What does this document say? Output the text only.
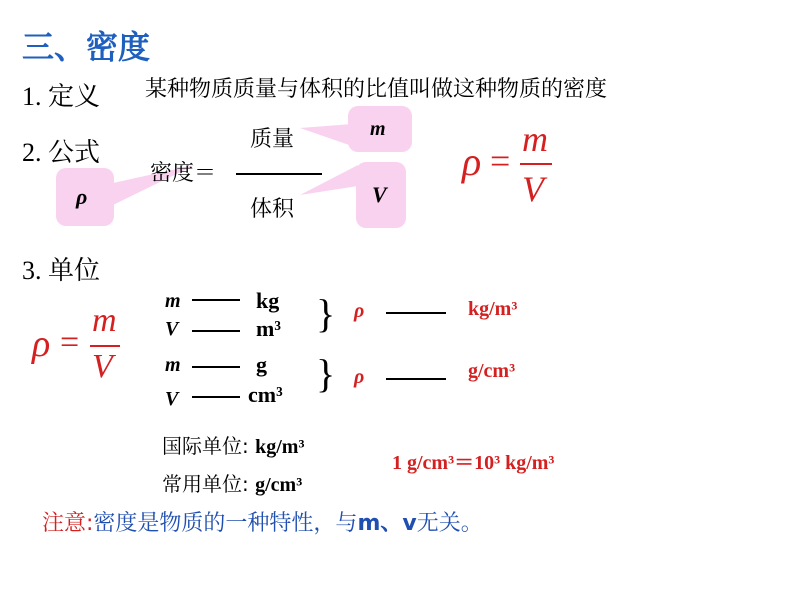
三、密度
1. 定义 某种物质质量与体积的比值叫做这种物质的密度
2. 公式
m
V
ρ
质量
密度＝
体积
ρ =
m
V
3. 单位
ρ =
m
V
m	kg
V	m³ } ρ	kg/m³
m	g
V	cm³ } ρ	g/cm³
国际单位: kg/m³
常用单位: g/cm³
1 g/cm³＝10³ kg/m³
注意:密度是物质的一种特性，与m、v无关。
